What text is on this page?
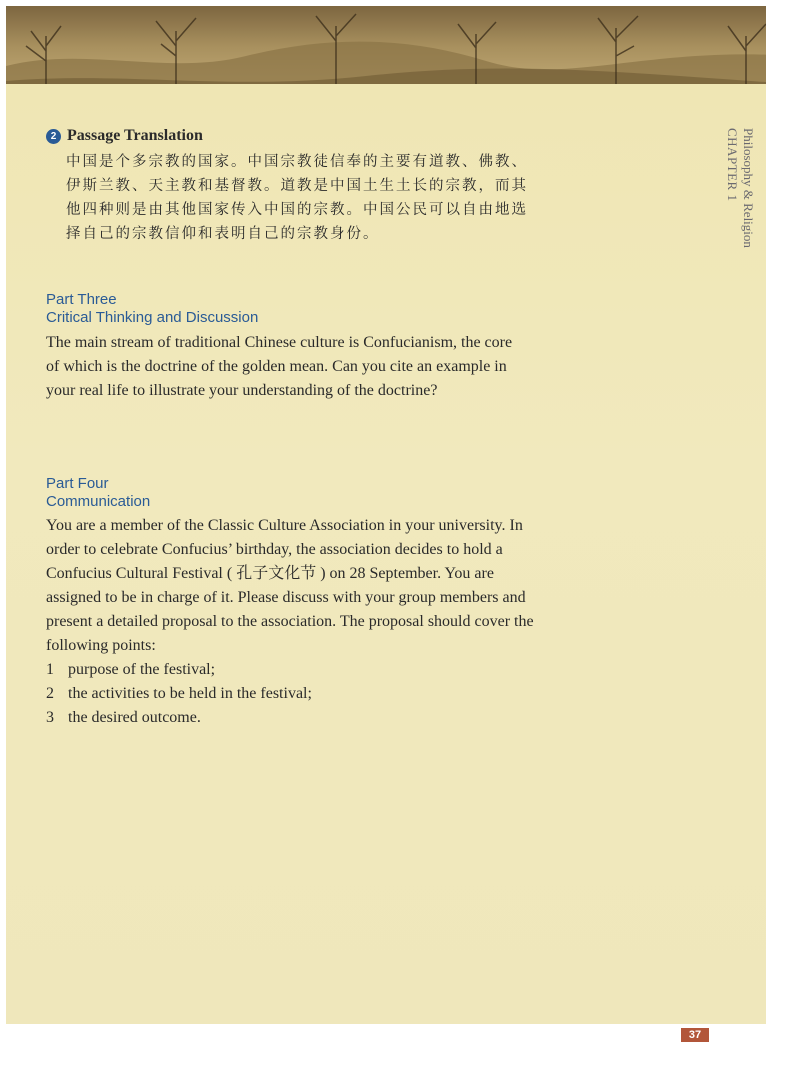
CHAPTER 1 Philosophy & Religion
2 Passage Translation
中国是个多宗教的国家。中国宗教徒信奉的主要有道教、佛教、伊斯兰教、天主教和基督教。道教是中国土生土长的宗教，而其他四种则是由其他国家传入中国的宗教。中国公民可以自由地选择自己的宗教信仰和表明自己的宗教身份。
Part Three
Critical Thinking and Discussion
The main stream of traditional Chinese culture is Confucianism, the core of which is the doctrine of the golden mean. Can you cite an example in your real life to illustrate your understanding of the doctrine?
Part Four
Communication
You are a member of the Classic Culture Association in your university. In order to celebrate Confucius’ birthday, the association decides to hold a Confucius Cultural Festival ( 孔子文化节 ) on 28 September. You are assigned to be in charge of it. Please discuss with your group members and present a detailed proposal to the association. The proposal should cover the following points:
1 purpose of the festival;
2 the activities to be held in the festival;
3 the desired outcome.
37
